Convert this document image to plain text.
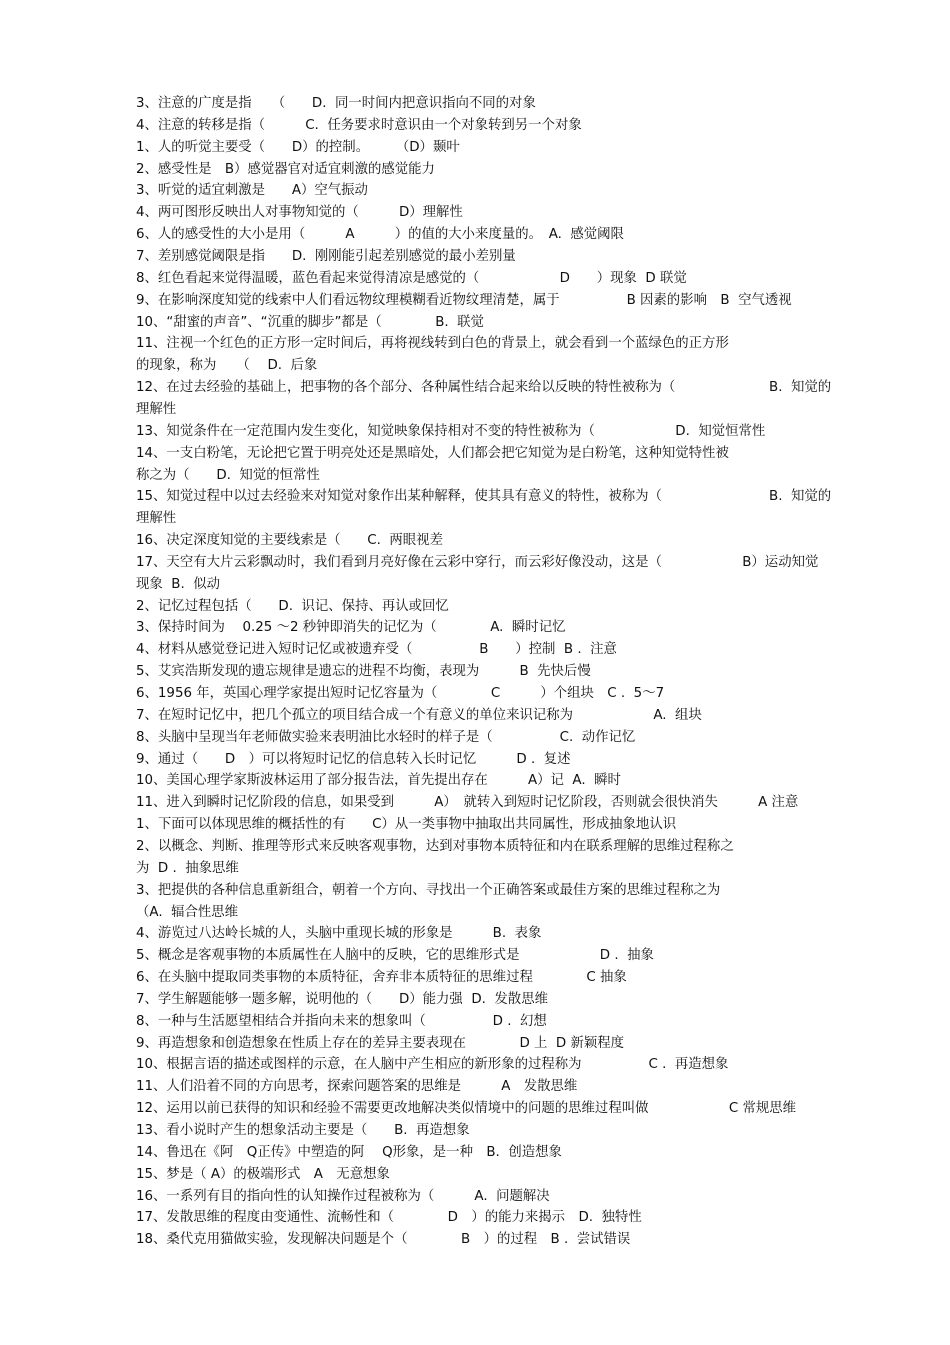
3、注意的广度是指　　（　　D.  同一时间内把意识指向不同的对象
4、注意的转移是指（　　　C.  任务要求时意识由一个对象转到另一个对象
1、人的听觉主要受（　　D）的控制。　　　（D）颞叶
2、感受性是　B）感觉器官对适宜刺激的感觉能力
3、听觉的适宜刺激是　　A）空气振动
4、两可图形反映出人对事物知觉的（　　　D）理解性
6、人的感受性的大小是用（　　　A　　　）的值的大小来度量的。　A.  感觉阈限
7、差别感觉阈限是指　　D.  刚刚能引起差别感觉的最小差别量
8、红色看起来觉得温暖，蓝色看起来觉得清凉是感觉的（　　　　　　D　　）现象  D 联觉
9、在影响深度知觉的线索中人们看远物纹理模糊看近物纹理清楚，属于　　　　　B 因素的影响　B  空气透视
10、“甜蜜的声音”、“沉重的脚步”都是（　　　　B.  联觉
11、注视一个红色的正方形一定时间后，再将视线转到白色的背景上，就会看到一个蓝绿色的正方形
的现象，称为　　（　 D.  后象
12、在过去经验的基础上，把事物的各个部分、各种属性结合起来给以反映的特性被称为（　　　　　　　B.  知觉的
理解性
13、知觉条件在一定范围内发生变化，知觉映象保持相对不变的特性被称为（　　　　　　D.  知觉恒常性
14、一支白粉笔，无论把它置于明亮处还是黑暗处，人们都会把它知觉为是白粉笔，这种知觉特性被
称之为（　　D.  知觉的恒常性
15、知觉过程中以过去经验来对知觉对象作出某种解释，使其具有意义的特性，被称为（　　　　　　　　B.  知觉的
理解性
16、决定深度知觉的主要线索是（　　C.  两眼视差
17、天空有大片云彩飘动时，我们看到月亮好像在云彩中穿行，而云彩好像没动，这是（　　　　　　B）运动知觉
现象  B.  似动
2、记忆过程包括（　　D.  识记、保持、再认或回忆
3、保持时间为　 0.25 ～2 秒钟即消失的记忆为（　　　　A.  瞬时记忆
4、材料从感觉登记进入短时记忆或被遗弃受（　　　　　B　　）控制  B .  注意
5、艾宾浩斯发现的遗忘规律是遗忘的进程不均衡，表现为　　　B  先快后慢
6、1956 年，英国心理学家提出短时记忆容量为（　　　　C　　　）个组块　C .  5～7
7、在短时记忆中，把几个孤立的项目结合成一个有意义的单位来识记称为　　　　　　A.  组块
8、头脑中呈现当年老师做实验来表明油比水轻时的样子是（　　　　　C.  动作记忆
9、通过（　　D　）可以将短时记忆的信息转入长时记忆　　　D .  复述
10、美国心理学家斯波林运用了部分报告法，首先提出存在　　　A）记  A.  瞬时
11、进入到瞬时记忆阶段的信息，如果受到　　　A）　就转入到短时记忆阶段，否则就会很快消失　　　A 注意
1、下面可以体现思维的概括性的有　　C）从一类事物中抽取出共同属性，形成抽象地认识
2、以概念、判断、推理等形式来反映客观事物，达到对事物本质特征和内在联系理解的思维过程称之
为  D .  抽象思维
3、把提供的各种信息重新组合，朝着一个方向、寻找出一个正确答案或最佳方案的思维过程称之为
（A.  辐合性思维
4、游览过八达岭长城的人，头脑中重现长城的形象是　　　B.  表象
5、概念是客观事物的本质属性在人脑中的反映，它的思维形式是　　　　　　D .  抽象
6、在头脑中提取同类事物的本质特征，舍弃非本质特征的思维过程　　　　C 抽象
7、学生解题能够一题多解，说明他的（　　D）能力强  D.  发散思维
8、一种与生活愿望相结合并指向未来的想象叫（　　　　　D .  幻想
9、再造想象和创造想象在性质上存在的差异主要表现在　　　　D 上  D 新颖程度
10、根据言语的描述或图样的示意，在人脑中产生相应的新形象的过程称为　　　　　C .  再造想象
11、人们沿着不同的方向思考，探索问题答案的思维是　　　A　发散思维
12、运用以前已获得的知识和经验不需要更改地解决类似情境中的问题的思维过程叫做　　　　　　C 常规思维
13、看小说时产生的想象活动主要是（　　B.  再造想象
14、鲁迅在《阿　Q正传》中塑造的阿　 Q形象，是一种　B.  创造想象
15、梦是（ A）的极端形式　A　无意想象
16、一系列有目的指向性的认知操作过程被称为（　　　A.  问题解决
17、发散思维的程度由变通性、流畅性和（　　　　D　）的能力来揭示　D.  独特性
18、桑代克用猫做实验，发现解决问题是个（　　　　B　）的过程　B .  尝试错误
